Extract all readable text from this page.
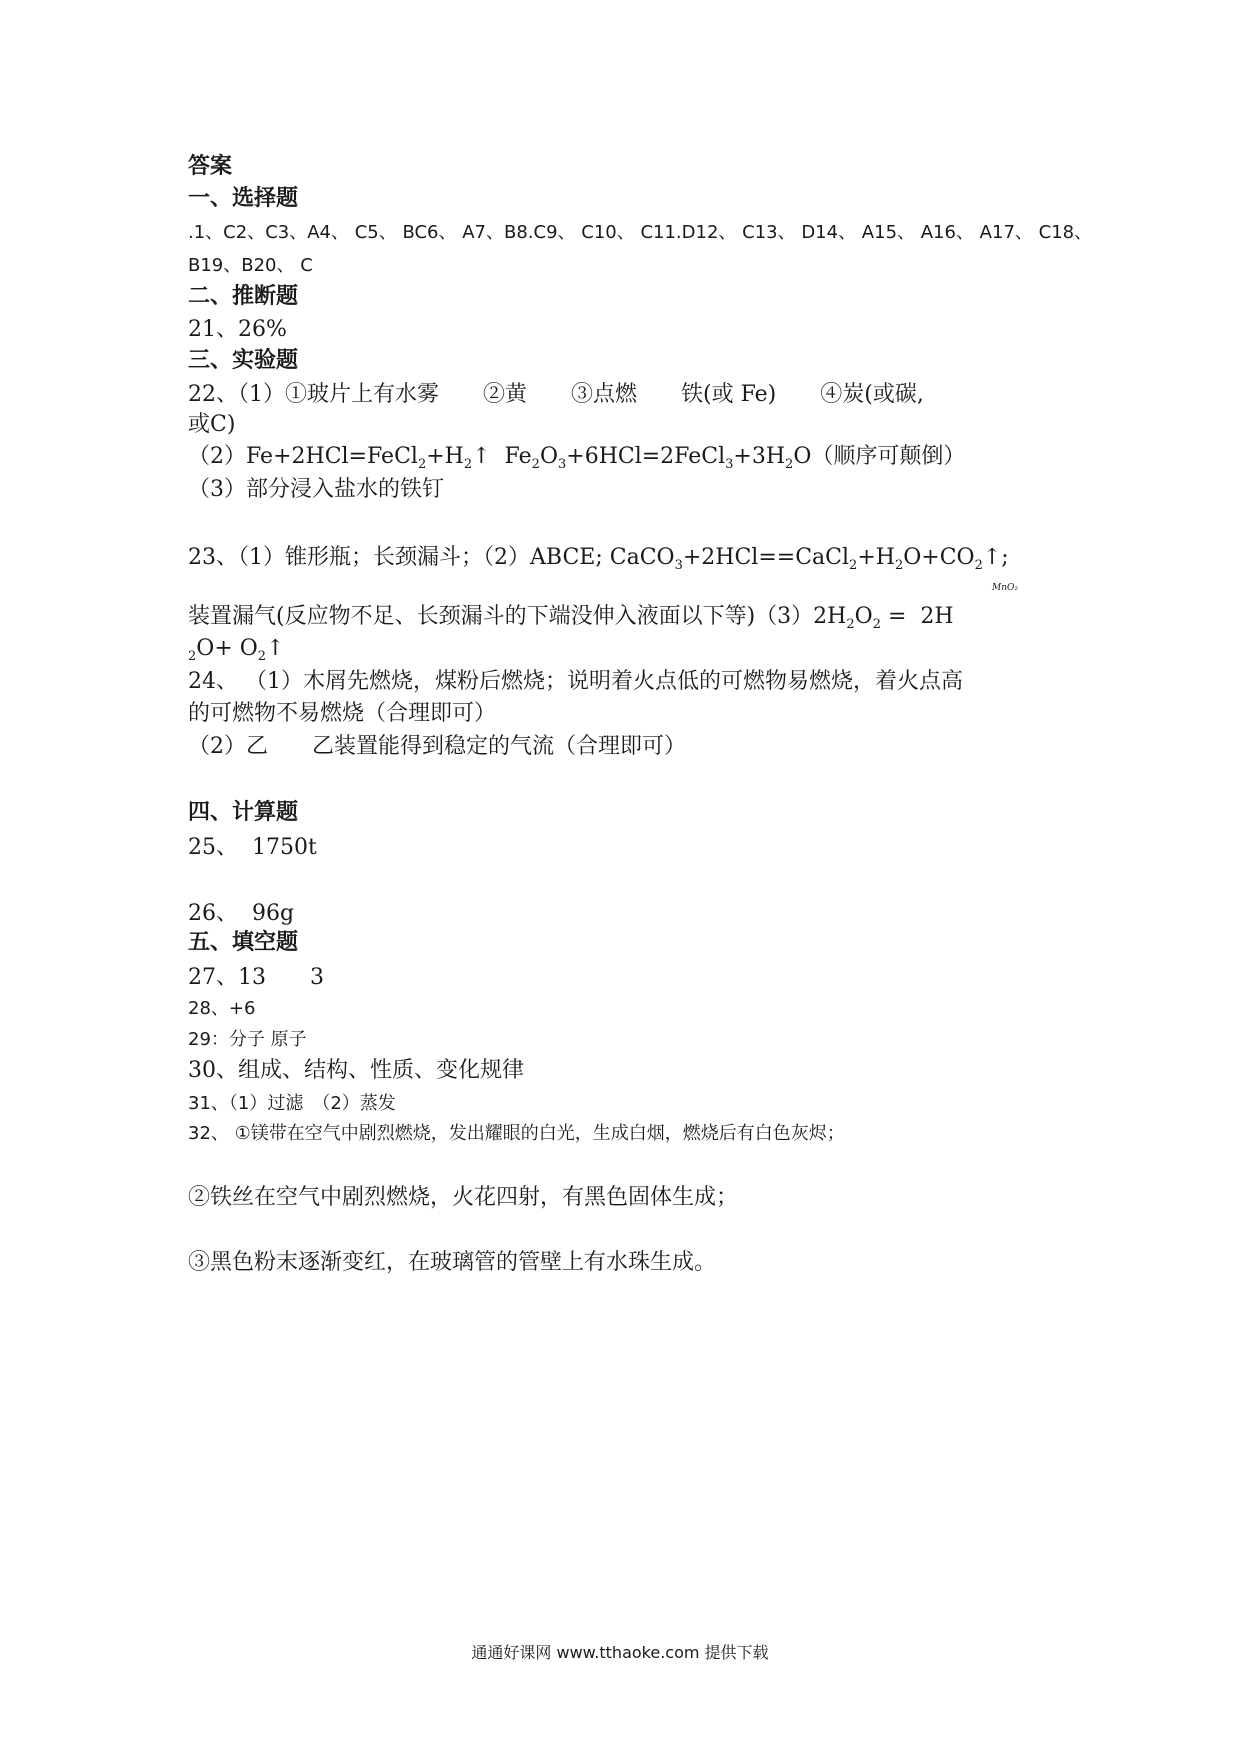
答案
一、选择题
.1、C2、C3、A4、 C5、 BC6、 A7、B8.C9、 C10、 C11.D12、 C13、 D14、 A15、 A16、 A17、 C18、
B19、B20、 C
二、推断题
21、26%
三、实验题
22、（1）①玻片上有水雾　　②黄　　③点燃　　铁(或 Fe)　　④炭(或碳,
或C)
$(2)Fe+2HCl=FeCl_2+H_2↑$  $Fe_2O_3+6HCl=2FeCl_3+3H_2O$（顺序可颠倒）
（3）部分浸入盐水的铁钉
23、（1）锥形瓶；长颈漏斗；（2）ABCE; $CaCO_3+2HCl==CaCl_2+H_2O+CO_2↑$;
MnO₂
装置漏气(反应物不足、长颈漏斗的下端没伸入液面以下等)$(3)2H_2O_2 = 2H$
$_2O+ O_2↑$
24、 （1）木屑先燃烧，煤粉后燃烧；说明着火点低的可燃物易燃烧，着火点高
的可燃物不易燃烧（合理即可）
（2）乙　　乙装置能得到稳定的气流（合理即可）
四、计算题
25、  1750t
26、  96g
五、填空题
27、13　　3
28、+6
29：分子 原子
30、组成、结构、性质、变化规律
31、（1）过滤　（2）蒸发
32、 ①镁带在空气中剧烈燃烧，发出耀眼的白光，生成白烟，燃烧后有白色灰烬；
②铁丝在空气中剧烈燃烧，火花四射，有黑色固体生成；
③黑色粉末逐渐变红，在玻璃管的管壁上有水珠生成。
通通好课网 www.tthaoke.com 提供下载
